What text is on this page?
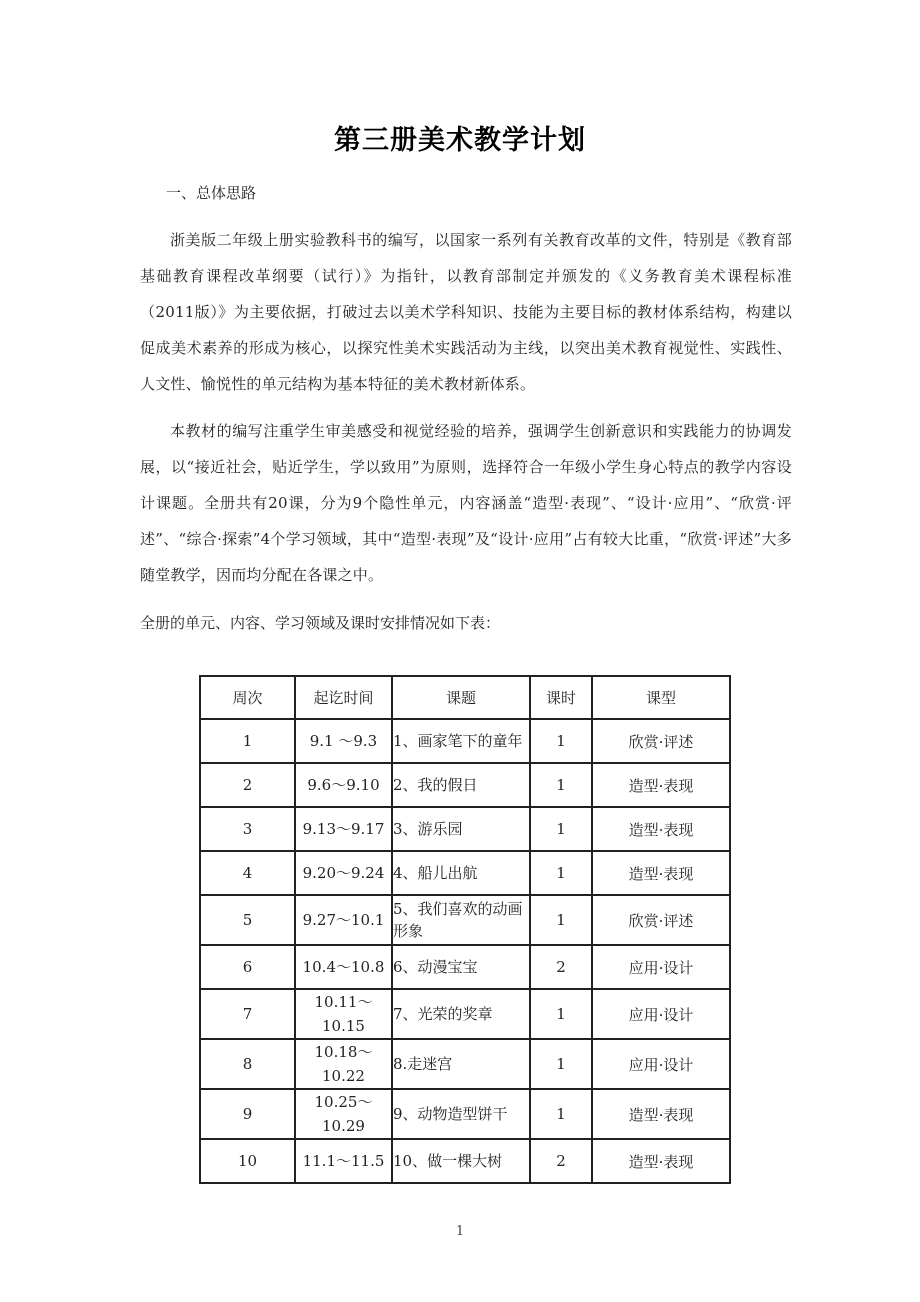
第三册美术教学计划
一、总体思路
浙美版二年级上册实验教科书的编写，以国家一系列有关教育改革的文件，特别是《教育部基础教育课程改革纲要（试行）》为指针，以教育部制定并颁发的《义务教育美术课程标准（2011版）》为主要依据，打破过去以美术学科知识、技能为主要目标的教材体系结构，构建以促成美术素养的形成为核心，以探究性美术实践活动为主线，以突出美术教育视觉性、实践性、人文性、愉悦性的单元结构为基本特征的美术教材新体系。
本教材的编写注重学生审美感受和视觉经验的培养，强调学生创新意识和实践能力的协调发展，以“接近社会，贴近学生，学以致用”为原则，选择符合一年级小学生身心特点的教学内容设计课题。全册共有20课，分为9个隐性单元，内容涵盖“造型·表现”、“设计·应用”、“欣赏·评述”、“综合·探索”4个学习领域，其中“造型·表现”及“设计·应用”占有较大比重，“欣赏·评述”大多随堂教学，因而均分配在各课之中。
全册的单元、内容、学习领域及课时安排情况如下表：
周次	起讫时间	课题	课时	课型
1	9.1 ～9.3	1、画家笔下的童年	1	欣赏·评述
2	9.6～9.10	2、我的假日	1	造型·表现
3	9.13～9.17	3、游乐园	1	造型·表现
4	9.20～9.24	4、船儿出航	1	造型·表现
5	9.27～10.1	5、我们喜欢的动画形象	1	欣赏·评述
6	10.4～10.8	6、动漫宝宝	2	应用·设计
7	10.11～10.15	7、光荣的奖章	1	应用·设计
8	10.18～10.22	8.走迷宫	1	应用·设计
9	10.25～10.29	9、动物造型饼干	1	造型·表现
10	11.1～11.5	10、做一棵大树	2	造型·表现
1
